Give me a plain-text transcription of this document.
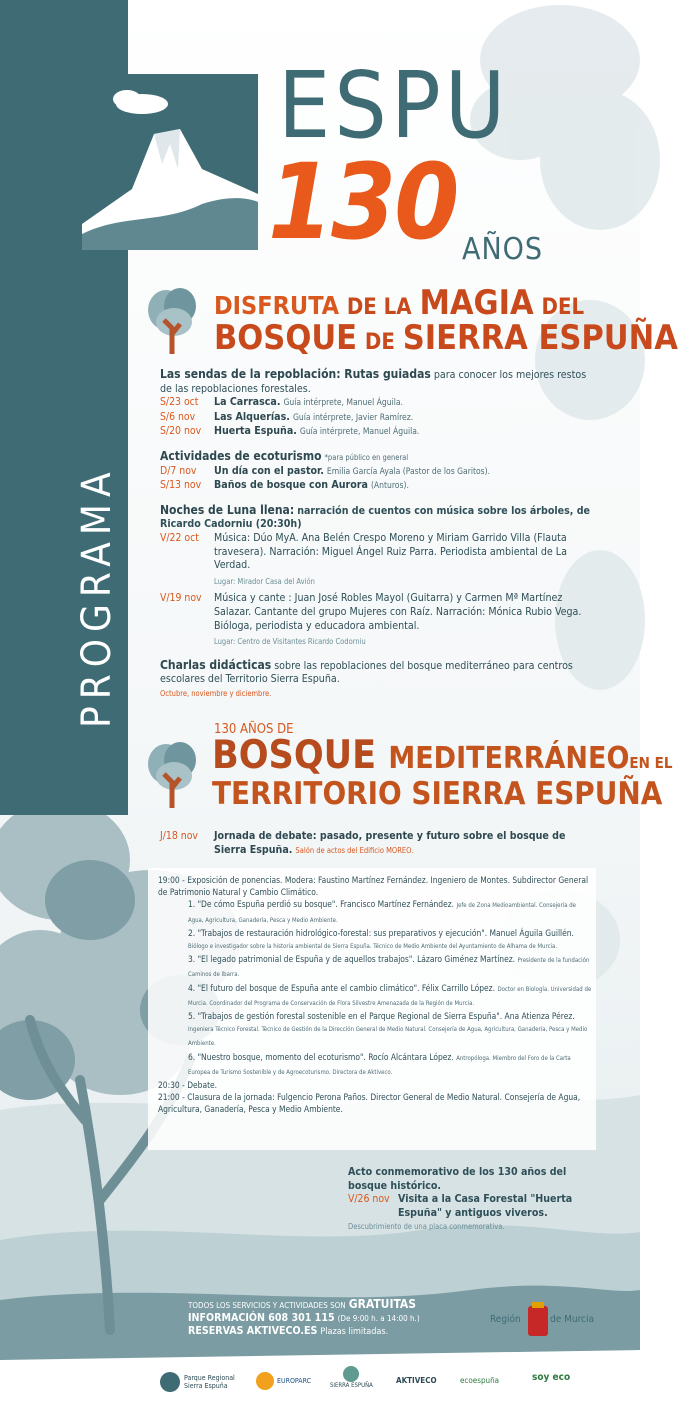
ESPU
130 AÑOS
PROGRAMA
DISFRUTA DE LA MAGIA DEL
BOSQUE DE SIERRA ESPUÑA
Las sendas de la repoblación: Rutas guiadas para conocer los mejores restos de las repoblaciones forestales.
S/23 oct	La Carrasca. Guía intérprete, Manuel Águila.
S/6 nov	Las Alquerías. Guía intérprete, Javier Ramírez.
S/20 nov	Huerta Espuña. Guía intérprete, Manuel Águila.
Actividades de ecoturismo *para público en general
D/7 nov	Un día con el pastor. Emilia García Ayala (Pastor de los Garitos).
S/13 nov	Baños de bosque con Aurora (Anturos).
Noches de Luna llena: narración de cuentos con música sobre los árboles, de Ricardo Cadorniu (20:30h)
V/22 oct	Música: Dúo MyA. Ana Belén Crespo Moreno y Miriam Garrido Villa (Flauta travesera). Narración: Miguel Ángel Ruiz Parra. Periodista ambiental de La Verdad.
Lugar: Mirador Casa del Avión
V/19 nov	Música y cante : Juan José Robles Mayol (Guitarra) y Carmen Mª Martínez Salazar. Cantante del grupo Mujeres con Raíz. Narración: Mónica Rubio Vega. Bióloga, periodista y educadora ambiental.
Lugar: Centro de Visitantes Ricardo Codorniu
Charlas didácticas sobre las repoblaciones del bosque mediterráneo para centros escolares del Territorio Sierra Espuña.
Octubre, noviembre y diciembre.
130 AÑOS DE
BOSQUE MEDITERRÁNEOEN EL
TERRITORIO SIERRA ESPUÑA
J/18 nov	Jornada de debate: pasado, presente y futuro sobre el bosque de Sierra Espuña. Salón de actos del Edificio MOREO.
19:00 - Exposición de ponencias. Modera: Faustino Martínez Fernández. Ingeniero de Montes. Subdirector General de Patrimonio Natural y Cambio Climático.
1. "De cómo Espuña perdió su bosque". Francisco Martínez Fernández. Jefe de Zona Medioambiental. Consejería de Agua, Agricultura, Ganadería, Pesca y Medio Ambiente.
2. "Trabajos de restauración hidrológico-forestal: sus preparativos y ejecución". Manuel Águila Guillén. Biólogo e investigador sobre la historia ambiental de Sierra Espuña. Técnico de Medio Ambiente del Ayuntamiento de Alhama de Murcia.
3. "El legado patrimonial de Espuña y de aquellos trabajos". Lázaro Giménez Martínez. Presidente de la fundación Caminos de Ibarra.
4. "El futuro del bosque de Espuña ante el cambio climático". Félix Carrillo López. Doctor en Biología. Universidad de Murcia. Coordinador del Programa de Conservación de Flora Silvestre Amenazada de la Región de Murcia.
5. "Trabajos de gestión forestal sostenible en el Parque Regional de Sierra Espuña". Ana Atienza Pérez. Ingeniera Técnico Forestal. Técnico de Gestión de la Dirección General de Medio Natural. Consejería de Agua, Agricultura, Ganadería, Pesca y Medio Ambiente.
6. "Nuestro bosque, momento del ecoturismo". Rocío Alcántara López. Antropóloga. Miembro del Foro de la Carta Europea de Turismo Sostenible y de Agroecoturismo. Directora de Aktiveco.
20:30 - Debate.
21:00 - Clausura de la jornada: Fulgencio Perona Paños. Director General de Medio Natural. Consejería de Agua, Agricultura, Ganadería, Pesca y Medio Ambiente.
Acto conmemorativo de los 130 años del bosque histórico.
V/26 nov Visita a la Casa Forestal "Huerta Espuña" y antiguos viveros.
Descubrimiento de una placa conmemorativa.
TODOS LOS SERVICIOS Y ACTIVIDADES SON GRATUITAS
INFORMACIÓN 608 301 115 (De 9:00 h. a 14:00 h.)
RESERVAS AKTIVECO.ES Plazas limitadas.
Región	de Murcia
Parque Regional Sierra Espuña
EUROPARC
SIERRA ESPUÑA
AKTIVECO	ecoespuña	soy eco
